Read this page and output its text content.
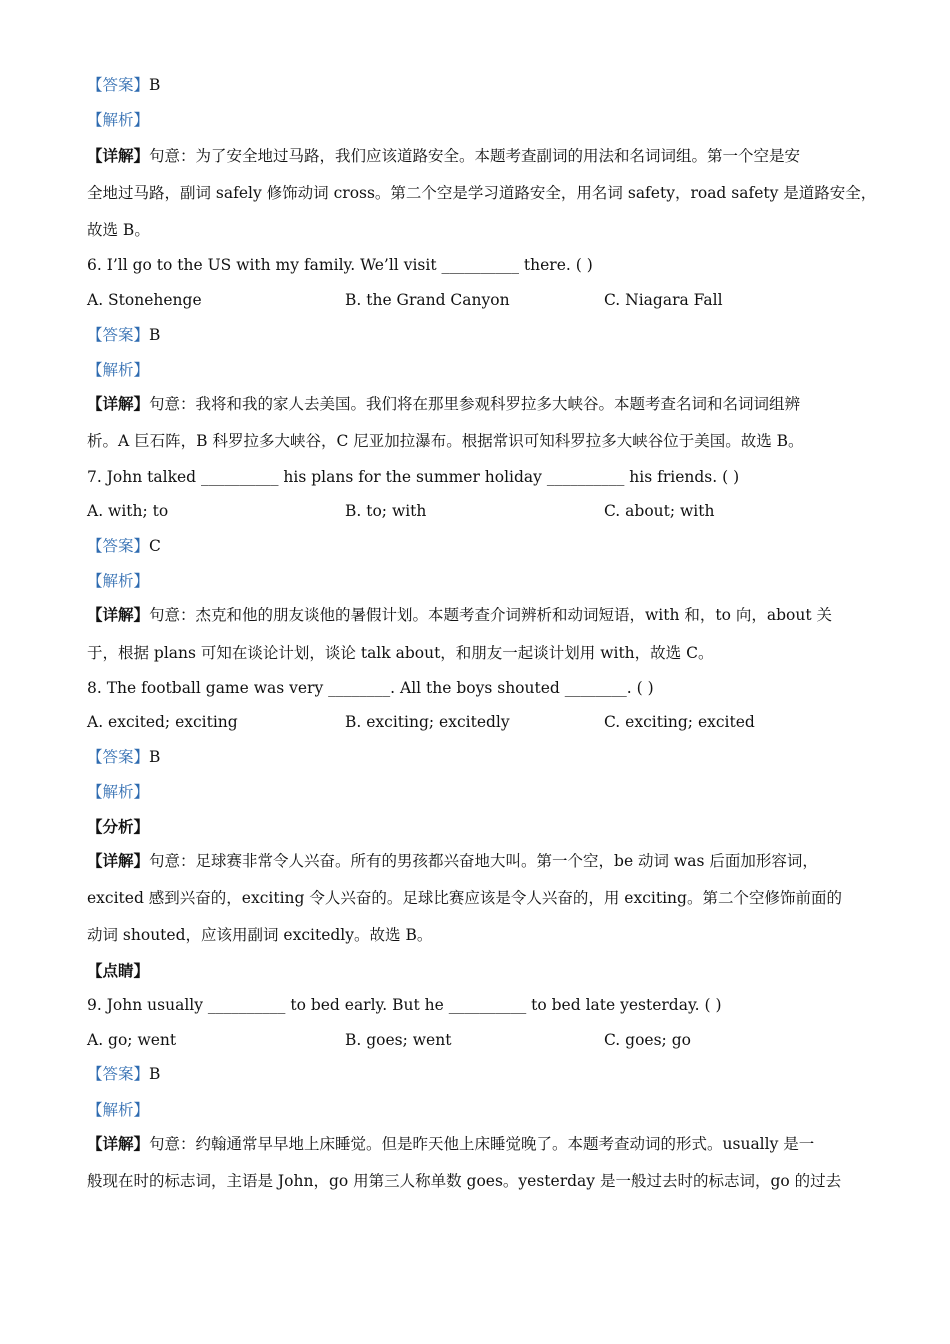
【答案】B
【解析】
【详解】句意：为了安全地过马路，我们应该道路安全。本题考查副词的用法和名词词组。第一个空是安
全地过马路，副词 safely 修饰动词 cross。第二个空是学习道路安全，用名词 safety，road safety 是道路安全，
故选 B。
6. I’ll go to the US with my family. We’ll visit __________ there. ( )
A. Stonehenge	B. the Grand Canyon	C. Niagara Fall
【答案】B
【解析】
【详解】句意：我将和我的家人去美国。我们将在那里参观科罗拉多大峡谷。本题考查名词和名词词组辨
析。A 巨石阵，B 科罗拉多大峡谷，C 尼亚加拉瀑布。根据常识可知科罗拉多大峡谷位于美国。故选 B。
7. John talked __________ his plans for the summer holiday __________ his friends. ( )
A. with; to	B. to; with	C. about; with
【答案】C
【解析】
【详解】句意：杰克和他的朋友谈他的暑假计划。本题考查介词辨析和动词短语，with 和，to 向，about 关
于，根据 plans 可知在谈论计划，谈论 talk about，和朋友一起谈计划用 with，故选 C。
8. The football game was very ________. All the boys shouted ________. ( )
A. excited; exciting	B. exciting; excitedly	C. exciting; excited
【答案】B
【解析】
【分析】
【详解】句意：足球赛非常令人兴奋。所有的男孩都兴奋地大叫。第一个空，be 动词 was 后面加形容词，
excited 感到兴奋的，exciting 令人兴奋的。足球比赛应该是令人兴奋的，用 exciting。第二个空修饰前面的
动词 shouted，应该用副词 excitedly。故选 B。
【点睛】
9. John usually __________ to bed early. But he __________ to bed late yesterday. ( )
A. go; went	B. goes; went	C. goes; go
【答案】B
【解析】
【详解】句意：约翰通常早早地上床睡觉。但是昨天他上床睡觉晚了。本题考查动词的形式。usually 是一
般现在时的标志词，主语是 John，go 用第三人称单数 goes。yesterday 是一般过去时的标志词，go 的过去
